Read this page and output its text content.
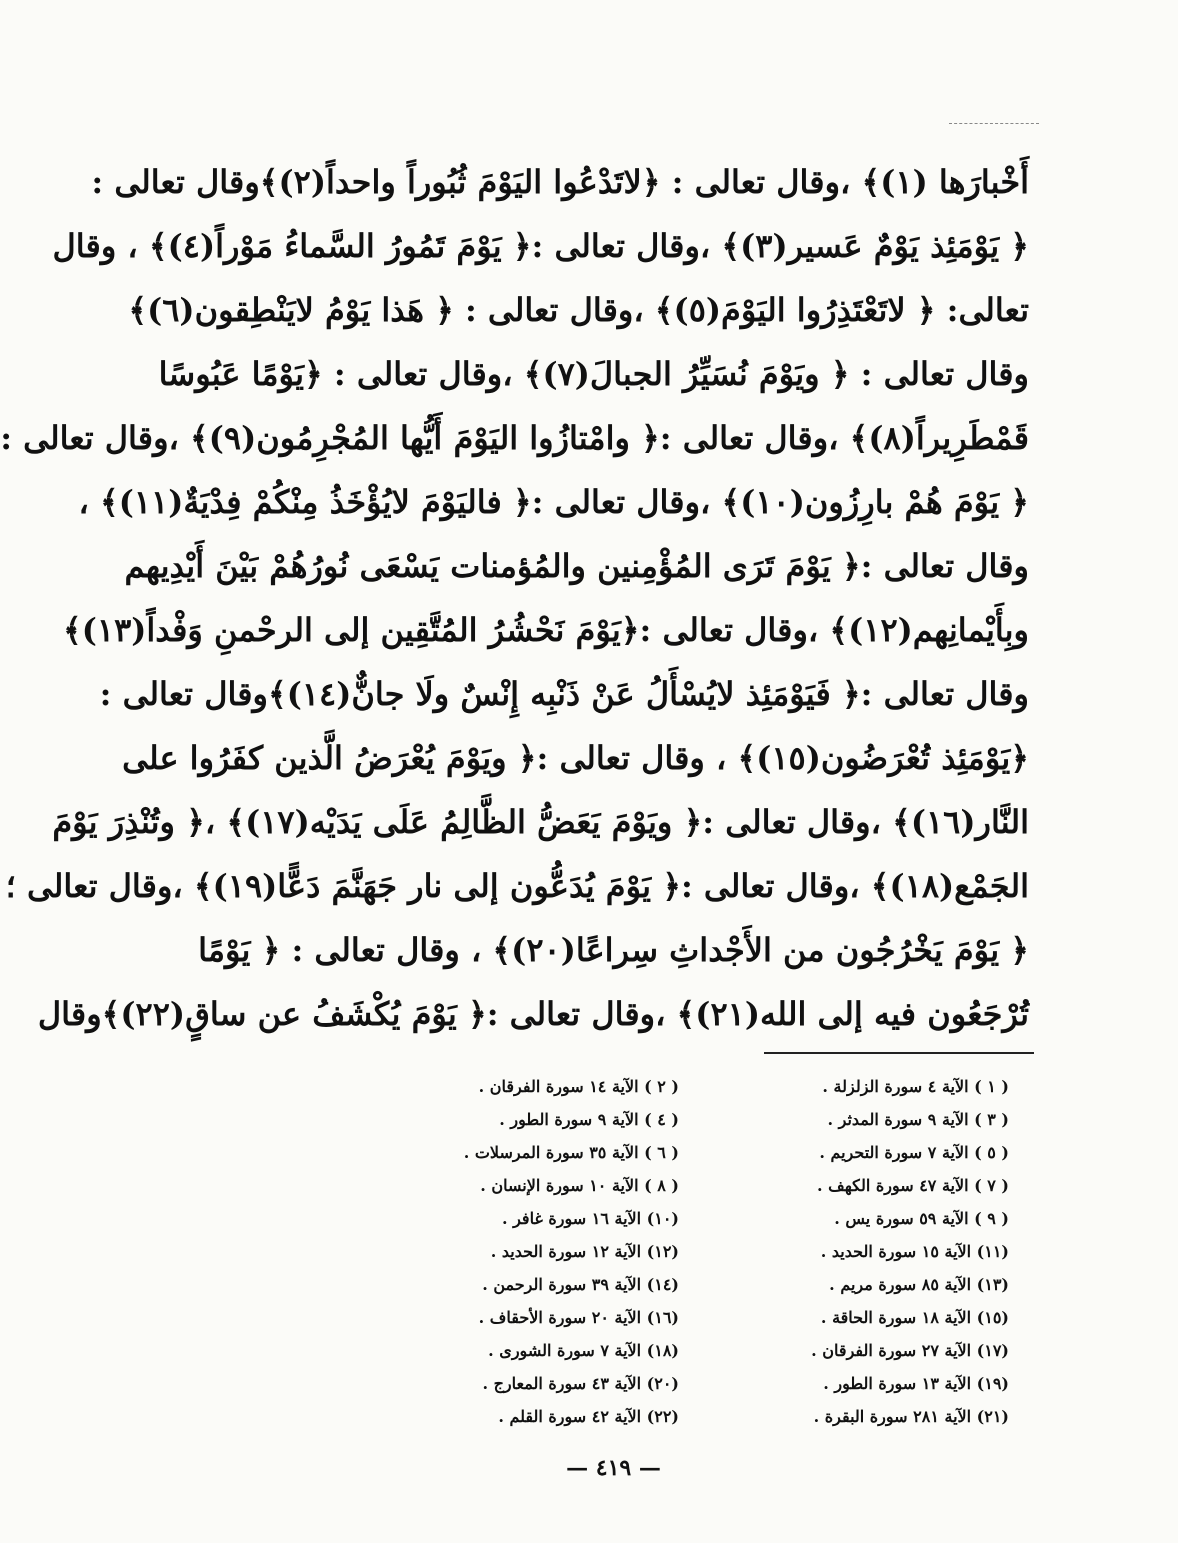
أَخْبارَها (١)﴾ ،وقال تعالى : ﴿لاتَدْعُوا اليَوْمَ ثُبُوراً واحداً(٢)﴾وقال تعالى :
﴿ يَوْمَئِذ يَوْمٌ عَسير(٣)﴾ ،وقال تعالى :﴿ يَوْمَ تَمُورُ السَّماءُ مَوْراً(٤)﴾ ، وقال
تعالى: ﴿ لاتَعْتَذِرُوا اليَوْمَ(٥)﴾ ،وقال تعالى : ﴿ هَذا يَوْمُ لايَنْطِقون(٦)﴾
وقال تعالى : ﴿ ويَوْمَ نُسَيِّرُ الجبالَ(٧)﴾ ،وقال تعالى : ﴿يَوْمًا عَبُوسًا
قَمْطَرِيراً(٨)﴾ ،وقال تعالى :﴿ وامْتازُوا اليَوْمَ أَيُّها المُجْرِمُون(٩)﴾ ،وقال تعالى :
﴿ يَوْمَ هُمْ بارِزُون(١٠)﴾ ،وقال تعالى :﴿ فاليَوْمَ لايُؤْخَذُ مِنْكُمْ فِدْيَةٌ(١١)﴾ ،
وقال تعالى :﴿ يَوْمَ تَرَى المُؤْمِنين والمُؤمنات يَسْعَى نُورُهُمْ بَيْنَ أَيْدِيهم
وبِأَيْمانِهم(١٢)﴾ ،وقال تعالى :﴿يَوْمَ نَحْشُرُ المُتَّقِين إلى الرحْمنِ وَفْداً(١٣)﴾
وقال تعالى :﴿ فَيَوْمَئِذ لايُسْأَلُ عَنْ ذَنْبِه إِنْسٌ ولَا جانٌّ(١٤)﴾وقال تعالى :
﴿يَوْمَئِذ تُعْرَضُون(١٥)﴾ ، وقال تعالى :﴿ ويَوْمَ يُعْرَضُ الَّذين كفَرُوا على
النَّار(١٦)﴾ ،وقال تعالى :﴿ ويَوْمَ يَعَضُّ الظَّالِمُ عَلَى يَدَيْه(١٧)﴾ ،﴿ وتُنْذِرَ يَوْمَ
الجَمْع(١٨)﴾ ،وقال تعالى :﴿ يَوْمَ يُدَعُّون إلى نار جَهَنَّمَ دَعًّا(١٩)﴾ ،وقال تعالى ؛
﴿ يَوْمَ يَخْرُجُون من الأَجْداثِ سِراعًا(٢٠)﴾ ، وقال تعالى : ﴿ يَوْمًا
تُرْجَعُون فيه إلى الله(٢١)﴾ ،وقال تعالى :﴿ يَوْمَ يُكْشَفُ عن ساقٍ(٢٢)﴾وقال
( ١ ) الآية ٤ سورة الزلزلة .
( ٣ ) الآية ٩ سورة المدثر .
( ٥ ) الآية ٧ سورة التحريم .
( ٧ ) الآية ٤٧ سورة الكهف .
( ٩ ) الآية ٥٩ سورة يس .
(١١) الآية ١٥ سورة الحديد .
(١٣) الآية ٨٥ سورة مريم .
(١٥) الآية ١٨ سورة الحاقة .
(١٧) الآية ٢٧ سورة الفرقان .
(١٩) الآية ١٣ سورة الطور .
(٢١) الآية ٢٨١ سورة البقرة .
( ٢ ) الآية ١٤ سورة الفرقان .
( ٤ ) الآية ٩ سورة الطور .
( ٦ ) الآية ٣٥ سورة المرسلات .
( ٨ ) الآية ١٠ سورة الإنسان .
(١٠) الآية ١٦ سورة غافر .
(١٢) الآية ١٢ سورة الحديد .
(١٤) الآية ٣٩ سورة الرحمن .
(١٦) الآية ٢٠ سورة الأحقاف .
(١٨) الآية ٧ سورة الشورى .
(٢٠) الآية ٤٣ سورة المعارج .
(٢٢) الآية ٤٢ سورة القلم .
— ٤١٩ —
